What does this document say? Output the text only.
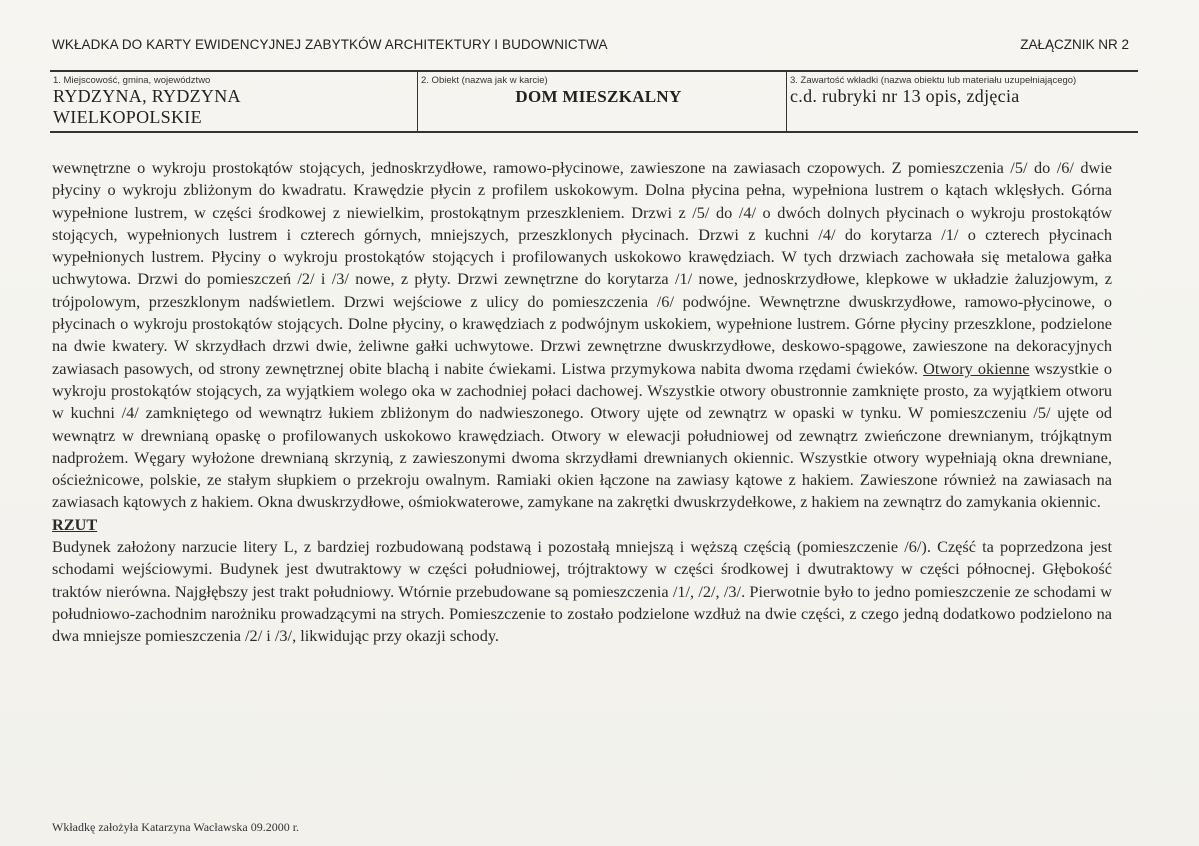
WKŁADKA DO KARTY EWIDENCYJNEJ ZABYTKÓW ARCHITEKTURY I BUDOWNICTWA	ZAŁĄCZNIK NR 2
1. Miejscowość, gmina, województwo
RYDZYNA, RYDZYNA
WIELKOPOLSKIE
2. Obiekt (nazwa jak w karcie)
DOM MIESZKALNY
3. Zawartość wkładki (nazwa obiektu lub materiału uzupełniającego)
c.d. rubryki nr 13 opis, zdjęcia

wewnętrzne o wykroju prostokątów stojących, jednoskrzydłowe, ramowo-płycinowe, zawieszone na zawiasach czopowych. Z pomieszczenia /5/ do /6/ dwie płyciny o wykroju zbliżonym do kwadratu. Krawędzie płycin z profilem uskokowym. Dolna płycina pełna, wypełniona lustrem o kątach wklęsłych. Górna wypełnione lustrem, w części środkowej z niewielkim, prostokątnym przeszkleniem. Drzwi z /5/ do /4/ o dwóch dolnych płycinach o wykroju prostokątów stojących, wypełnionych lustrem i czterech górnych, mniejszych, przeszklonych płycinach. Drzwi z kuchni /4/ do korytarza /1/ o czterech płycinach wypełnionych lustrem. Płyciny o wykroju prostokątów stojących i profilowanych uskokowo krawędziach. W tych drzwiach zachowała się metalowa gałka uchwytowa. Drzwi do pomieszczeń /2/ i /3/ nowe, z płyty. Drzwi zewnętrzne do korytarza /1/ nowe, jednoskrzydłowe, klepkowe w układzie żaluzjowym, z trójpolowym, przeszklonym nadświetlem. Drzwi wejściowe z ulicy do pomieszczenia /6/ podwójne. Wewnętrzne dwuskrzydłowe, ramowo-płycinowe, o płycinach o wykroju prostokątów stojących. Dolne płyciny, o krawędziach z podwójnym uskokiem, wypełnione lustrem. Górne płyciny przeszklone, podzielone na dwie kwatery. W skrzydłach drzwi dwie, żeliwne gałki uchwytowe. Drzwi zewnętrzne dwuskrzydłowe, deskowo-spągowe, zawieszone na dekoracyjnych zawiasach pasowych, od strony zewnętrznej obite blachą i nabite ćwiekami. Listwa przymykowa nabita dwoma rzędami ćwieków. Otwory okienne wszystkie o wykroju prostokątów stojących, za wyjątkiem wolego oka w zachodniej połaci dachowej. Wszystkie otwory obustronnie zamknięte prosto, za wyjątkiem otworu w kuchni /4/ zamkniętego od wewnątrz łukiem zbliżonym do nadwieszonego. Otwory ujęte od zewnątrz w opaski w tynku. W pomieszczeniu /5/ ujęte od wewnątrz w drewnianą opaskę o profilowanych uskokowo krawędziach. Otwory w elewacji południowej od zewnątrz zwieńczone drewnianym, trójkątnym nadprożem. Węgary wyłożone drewnianą skrzynią, z zawieszonymi dwoma skrzydłami drewnianych okiennic. Wszystkie otwory wypełniają okna drewniane, ościeżnicowe, polskie, ze stałym słupkiem o przekroju owalnym. Ramiaki okien łączone na zawiasy kątowe z hakiem. Zawieszone również na zawiasach na zawiasach kątowych z hakiem. Okna dwuskrzydłowe, ośmiokwaterowe, zamykane na zakrętki dwuskrzydełkowe, z hakiem na zewnątrz do zamykania okiennic.

RZUT

Budynek założony narzucie litery L, z bardziej rozbudowaną podstawą i pozostałą mniejszą i węższą częścią (pomieszczenie /6/). Część ta poprzedzona jest schodami wejściowymi. Budynek jest dwutraktowy w części południowej, trójtraktowy w części środkowej i dwutraktowy w części północnej. Głębokość traktów nierówna. Najgłębszy jest trakt południowy. Wtórnie przebudowane są pomieszczenia /1/, /2/, /3/. Pierwotnie było to jedno pomieszczenie ze schodami w południowo-zachodnim narożniku prowadzącymi na strych. Pomieszczenie to zostało podzielone wzdłuż na dwie części, z czego jedną dodatkowo podzielono na dwa mniejsze pomieszczenia /2/ i /3/, likwidując przy okazji schody.

Wkładkę założyła Katarzyna Wacławska 09.2000 r.
